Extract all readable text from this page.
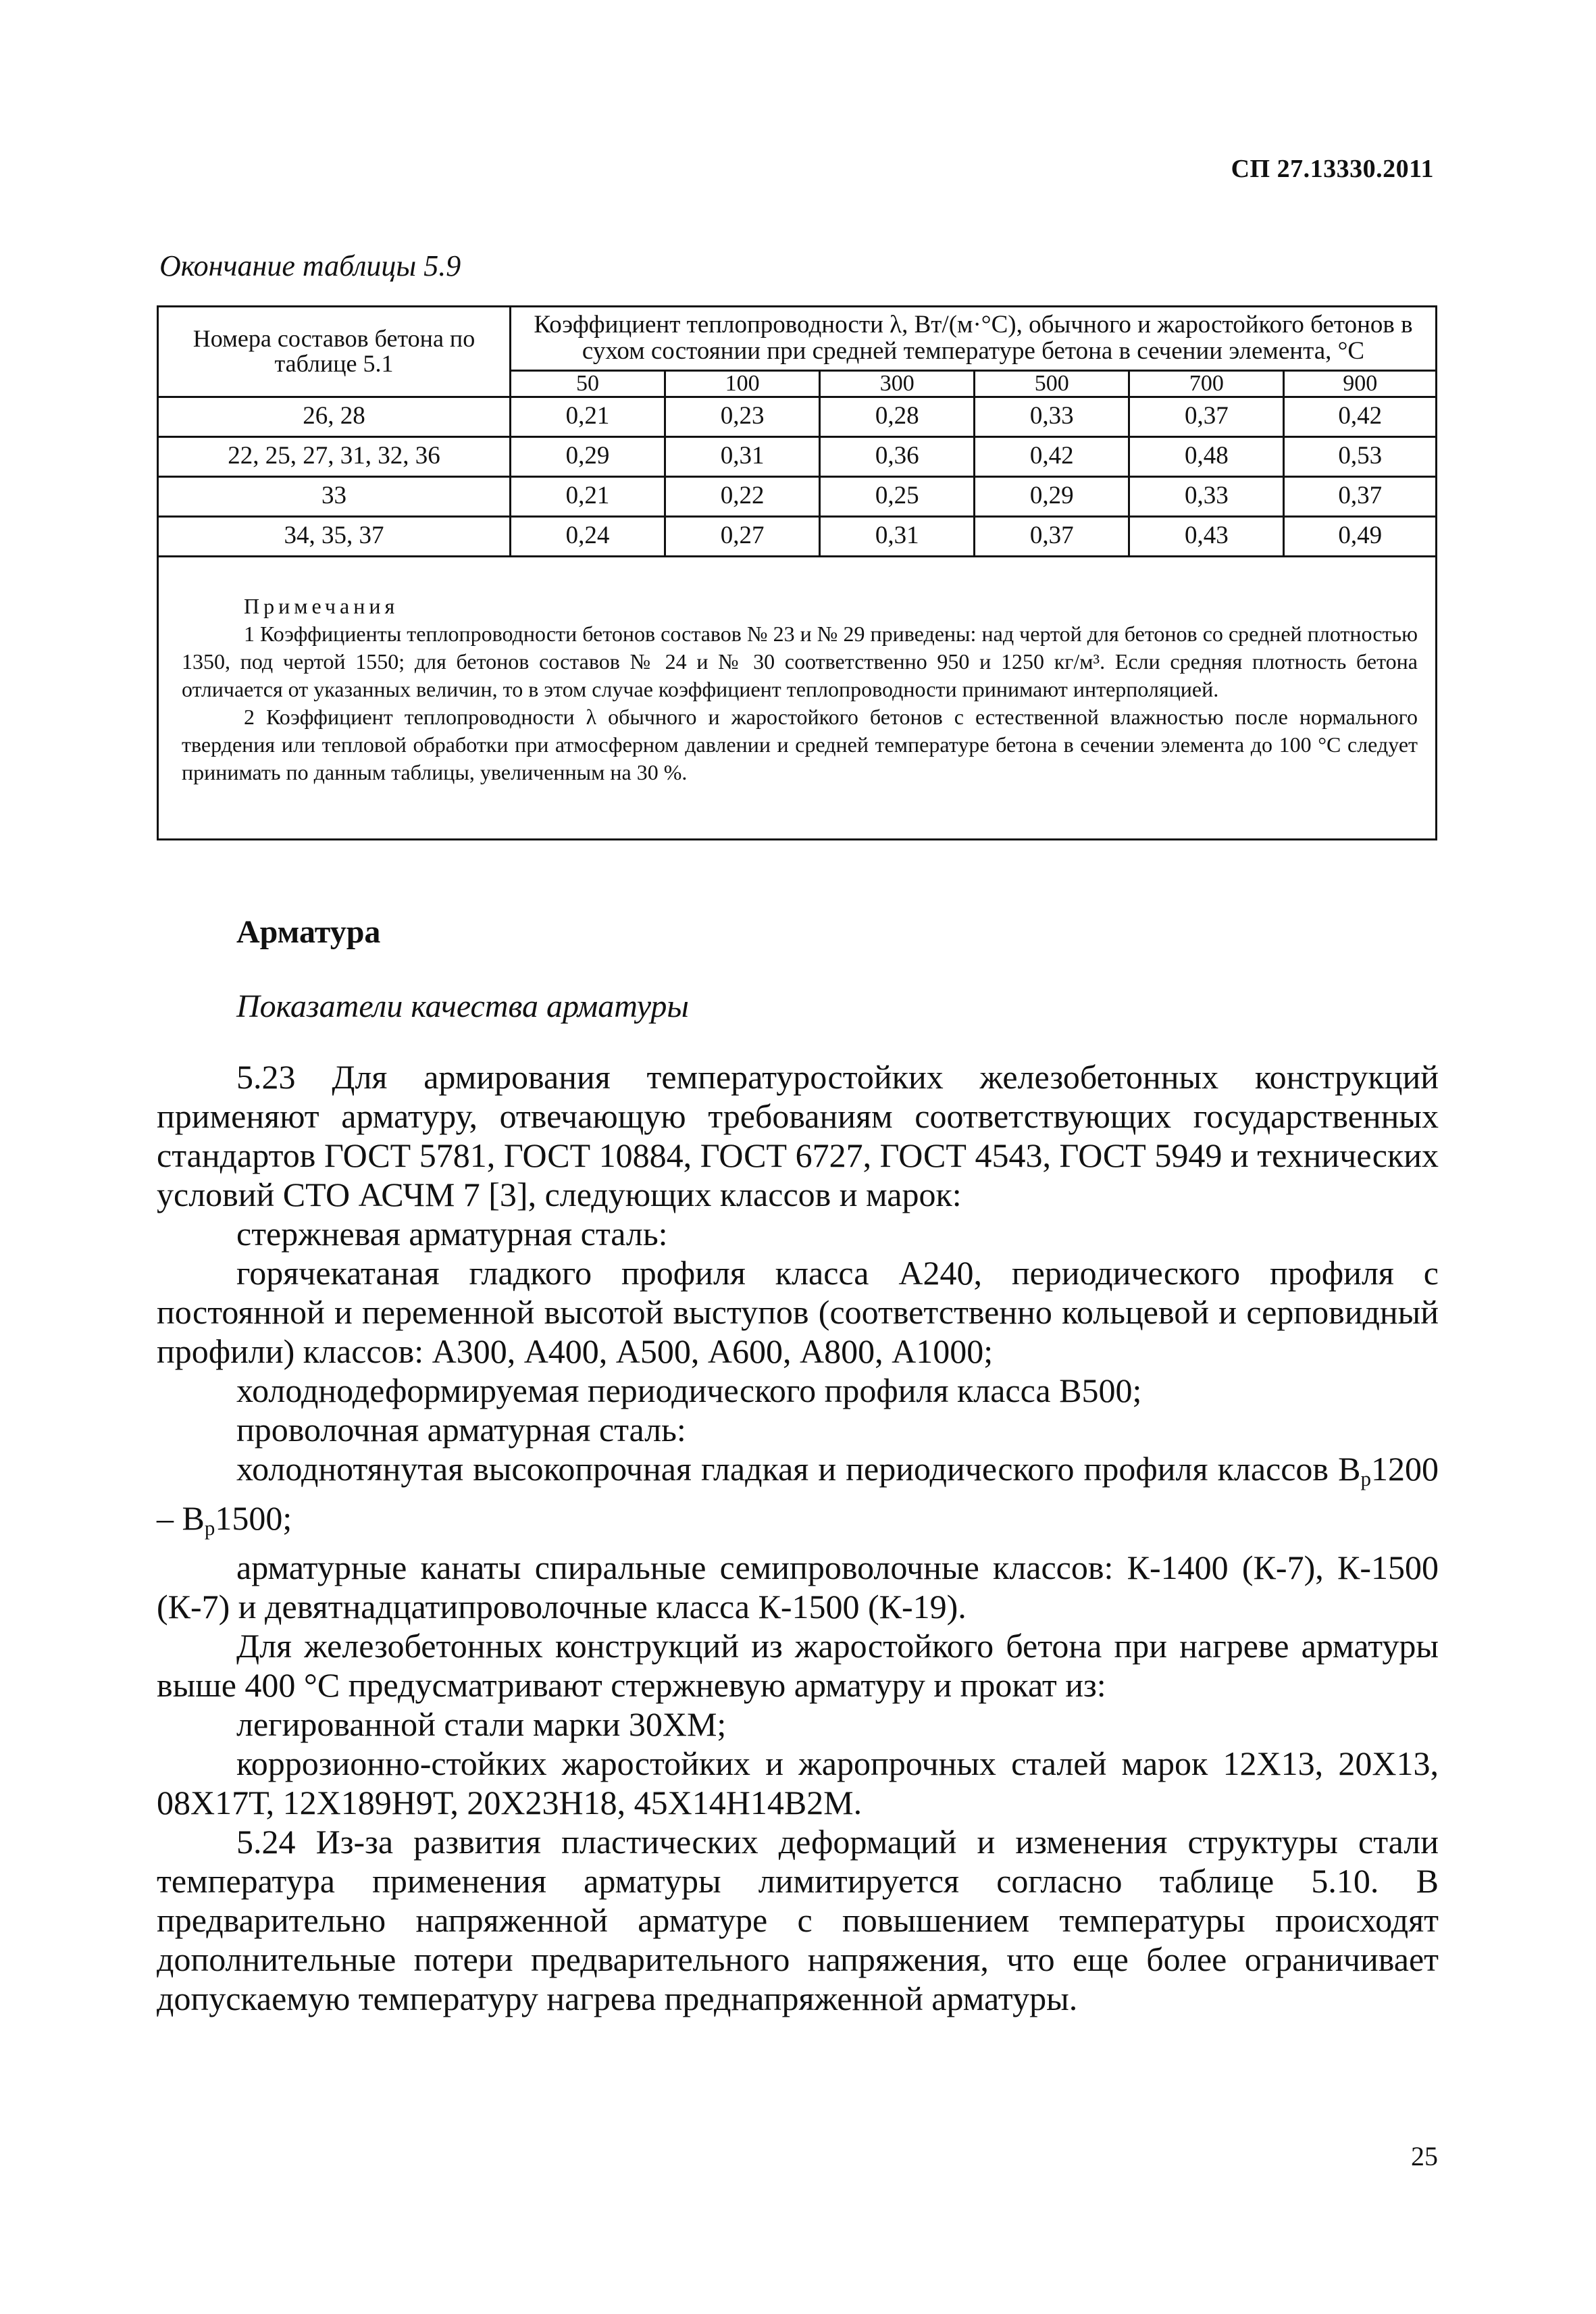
СП 27.13330.2011
Окончание таблицы 5.9
Номера составов бетона по таблице 5.1	Коэффициент теплопроводности λ, Вт/(м·°С), обычного и жаростойкого бетонов в сухом состоянии при средней температуре бетона в сечении элемента, °С					
	50	100	300	500	700	900
26, 28	0,21	0,23	0,28	0,33	0,37	0,42
22, 25, 27, 31, 32, 36	0,29	0,31	0,36	0,42	0,48	0,53
33	0,21	0,22	0,25	0,29	0,33	0,37
34, 35, 37	0,24	0,27	0,31	0,37	0,43	0,49
Примечания

1 Коэффициенты теплопроводности бетонов составов № 23 и № 29 приведены: над чертой для бетонов со средней плотностью 1350, под чертой 1550; для бетонов составов № 24 и № 30 соответственно 950 и 1250 кг/м³. Если средняя плотность бетона отличается от указанных величин, то в этом случае коэффициент теплопроводности принимают интерполяцией.

2 Коэффициент теплопроводности λ обычного и жаростойкого бетонов с естественной влажностью после нормального твердения или тепловой обработки при атмосферном давлении и средней температуре бетона в сечении элемента до 100 °С следует принимать по данным таблицы, увеличенным на 30 %.

Арматура
Показатели качества арматуры

5.23 Для армирования температуростойких железобетонных конструкций применяют арматуру, отвечающую требованиям соответствующих государственных стандартов ГОСТ 5781, ГОСТ 10884, ГОСТ 6727, ГОСТ 4543, ГОСТ 5949 и технических условий СТО АСЧМ 7 [3], следующих классов и марок:

стержневая арматурная сталь:

горячекатаная гладкого профиля класса А240, периодического профиля с постоянной и переменной высотой выступов (соответственно кольцевой и серповидный профили) классов: А300, А400, А500, А600, А800, А1000;

холоднодеформируемая периодического профиля класса В500;

проволочная арматурная сталь:

холоднотянутая высокопрочная гладкая и периодического профиля классов $В_р1200 - В_р1500$;

арматурные канаты спиральные семипроволочные классов: К-1400 (К-7), К-1500 (К-7) и девятнадцатипроволочные класса К-1500 (К-19).

Для железобетонных конструкций из жаростойкого бетона при нагреве арматуры выше 400 °С предусматривают стержневую арматуру и прокат из:

легированной стали марки 30ХМ;

коррозионно-стойких жаростойких и жаропрочных сталей марок 12Х13, 20Х13, 08Х17Т, 12Х189Н9Т, 20Х23Н18, 45Х14Н14В2М.

5.24 Из-за развития пластических деформаций и изменения структуры стали температура применения арматуры лимитируется согласно таблице 5.10. В предварительно напряженной арматуре с повышением температуры происходят дополнительные потери предварительного напряжения, что еще более ограничивает допускаемую температуру нагрева преднапряженной арматуры.

25
